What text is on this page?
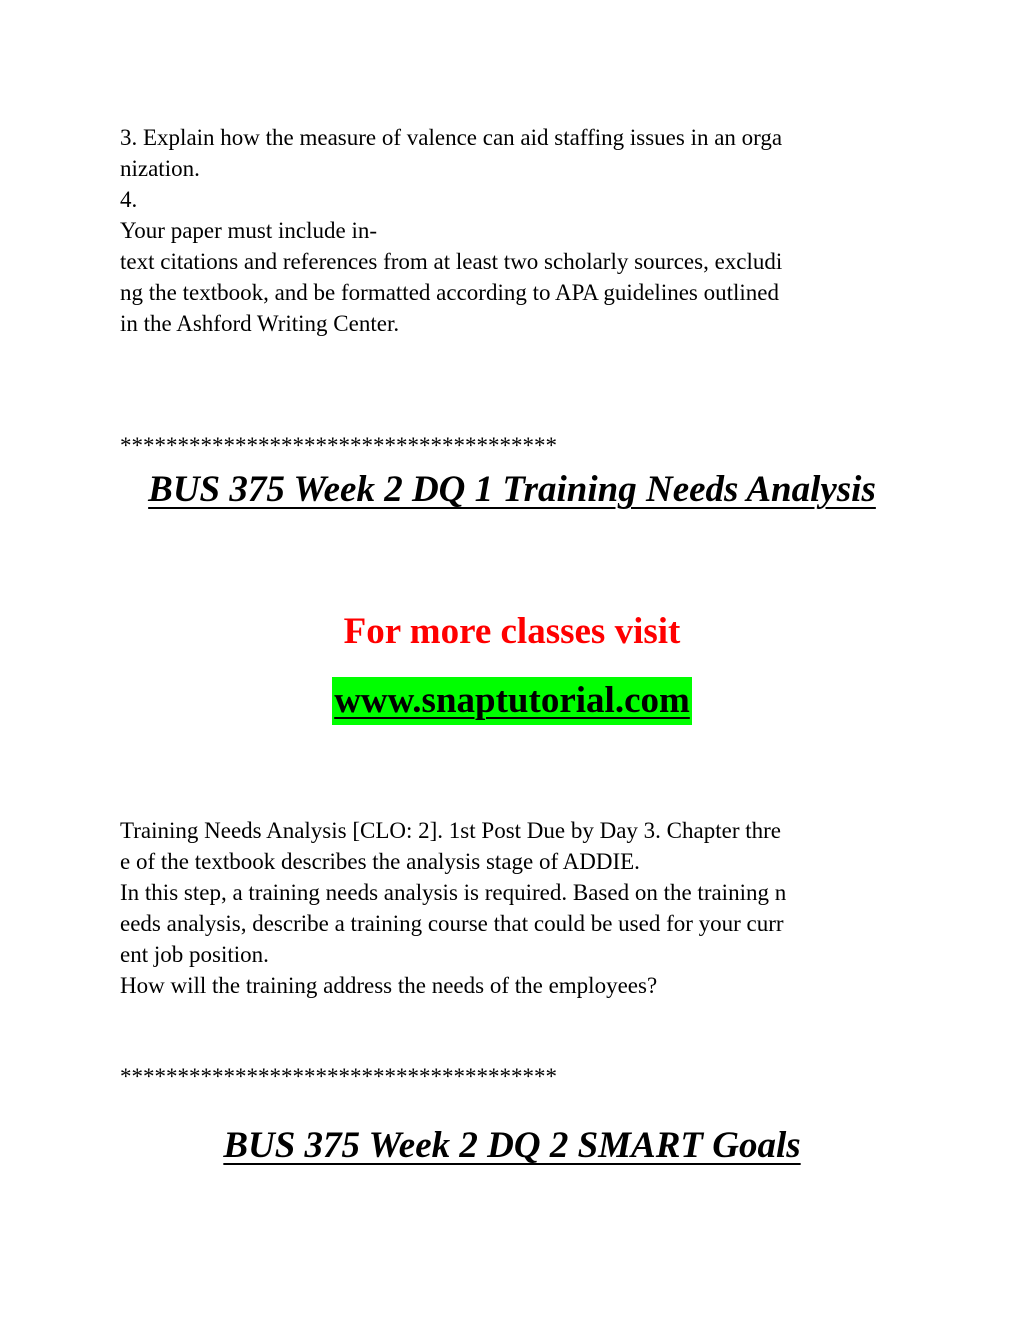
3. Explain how the measure of valence can aid staffing issues in an orga
nization.
4.
Your paper must include in-
text citations and references from at least two scholarly sources, excludi
ng the textbook, and be formatted according to APA guidelines outlined
in the Ashford Writing Center.
**************************************
BUS 375 Week 2 DQ 1 Training Needs Analysis
For more classes visit
www.snaptutorial.com
Training Needs Analysis [CLO: 2]. 1st Post Due by Day 3. Chapter thre
e of the textbook describes the analysis stage of ADDIE.
In this step, a training needs analysis is required. Based on the training n
eeds analysis, describe a training course that could be used for your curr
ent job position.
How will the training address the needs of the employees?
**************************************
BUS 375 Week 2 DQ 2 SMART Goals
